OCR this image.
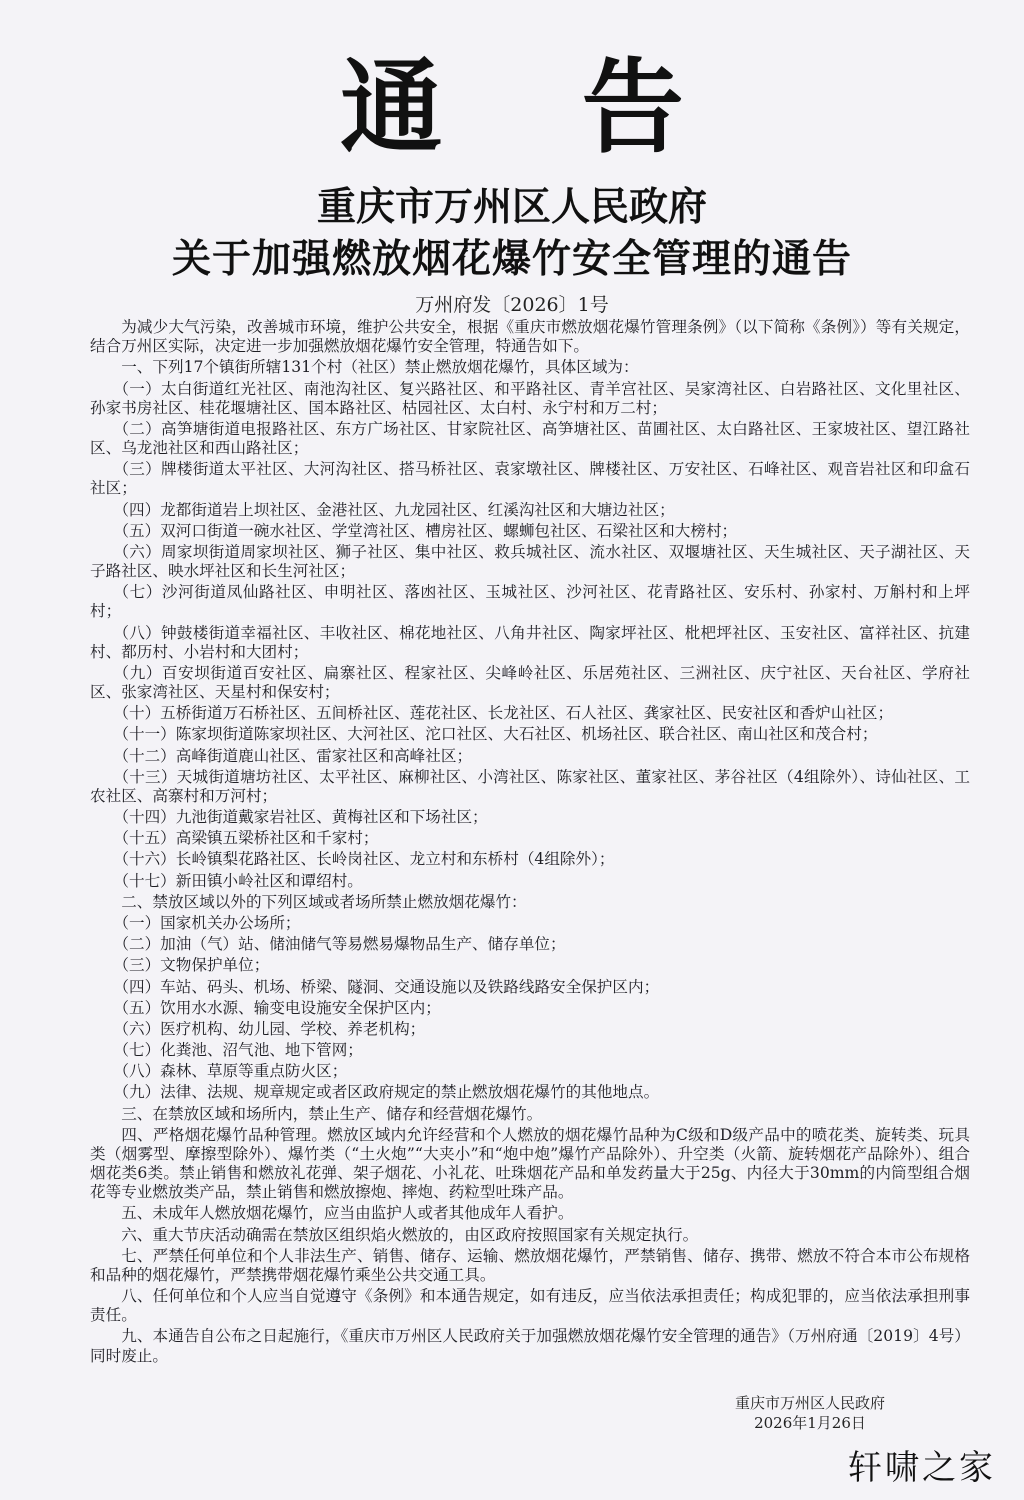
通 告
重庆市万州区人民政府
关于加强燃放烟花爆竹安全管理的通告
万州府发〔2026〕1号

为减少大气污染，改善城市环境，维护公共安全，根据《重庆市燃放烟花爆竹管理条例》（以下简称《条例》）等有关规定，结合万州区实际，决定进一步加强燃放烟花爆竹安全管理，特通告如下。

一、下列17个镇街所辖131个村（社区）禁止燃放烟花爆竹，具体区域为：

（一）太白街道红光社区、南池沟社区、复兴路社区、和平路社区、青羊宫社区、吴家湾社区、白岩路社区、文化里社区、孙家书房社区、桂花堰塘社区、国本路社区、枯园社区、太白村、永宁村和万二村；

（二）高笋塘街道电报路社区、东方广场社区、甘家院社区、高笋塘社区、苗圃社区、太白路社区、王家坡社区、望江路社区、乌龙池社区和西山路社区；

（三）牌楼街道太平社区、大河沟社区、搭马桥社区、袁家墩社区、牌楼社区、万安社区、石峰社区、观音岩社区和印盒石社区；

（四）龙都街道岩上坝社区、金港社区、九龙园社区、红溪沟社区和大塘边社区；

（五）双河口街道一碗水社区、学堂湾社区、槽房社区、螺蛳包社区、石梁社区和大榜村；

（六）周家坝街道周家坝社区、狮子社区、集中社区、救兵城社区、流水社区、双堰塘社区、天生城社区、天子湖社区、天子路社区、映水坪社区和长生河社区；

（七）沙河街道凤仙路社区、申明社区、落凼社区、玉城社区、沙河社区、花青路社区、安乐村、孙家村、万斛村和上坪村；

（八）钟鼓楼街道幸福社区、丰收社区、棉花地社区、八角井社区、陶家坪社区、枇杷坪社区、玉安社区、富祥社区、抗建村、都历村、小岩村和大团村；

（九）百安坝街道百安社区、扁寨社区、程家社区、尖峰岭社区、乐居苑社区、三洲社区、庆宁社区、天台社区、学府社区、张家湾社区、天星村和保安村；

（十）五桥街道万石桥社区、五间桥社区、莲花社区、长龙社区、石人社区、龚家社区、民安社区和香炉山社区；

（十一）陈家坝街道陈家坝社区、大河社区、沱口社区、大石社区、机场社区、联合社区、南山社区和茂合村；

（十二）高峰街道鹿山社区、雷家社区和高峰社区；

（十三）天城街道塘坊社区、太平社区、麻柳社区、小湾社区、陈家社区、董家社区、茅谷社区（4组除外）、诗仙社区、工农社区、高寨村和万河村；

（十四）九池街道戴家岩社区、黄梅社区和下场社区；

（十五）高梁镇五梁桥社区和千家村；

（十六）长岭镇梨花路社区、长岭岗社区、龙立村和东桥村（4组除外）；

（十七）新田镇小岭社区和谭绍村。

二、禁放区域以外的下列区域或者场所禁止燃放烟花爆竹：

（一）国家机关办公场所；

（二）加油（气）站、储油储气等易燃易爆物品生产、储存单位；

（三）文物保护单位；

（四）车站、码头、机场、桥梁、隧洞、交通设施以及铁路线路安全保护区内；

（五）饮用水水源、输变电设施安全保护区内；

（六）医疗机构、幼儿园、学校、养老机构；

（七）化粪池、沼气池、地下管网；

（八）森林、草原等重点防火区；

（九）法律、法规、规章规定或者区政府规定的禁止燃放烟花爆竹的其他地点。

三、在禁放区域和场所内，禁止生产、储存和经营烟花爆竹。

四、严格烟花爆竹品种管理。燃放区域内允许经营和个人燃放的烟花爆竹品种为C级和D级产品中的喷花类、旋转类、玩具类（烟雾型、摩擦型除外）、爆竹类（“土火炮”“大夹小”和“炮中炮”爆竹产品除外）、升空类（火箭、旋转烟花产品除外）、组合烟花类6类。禁止销售和燃放礼花弹、架子烟花、小礼花、吐珠烟花产品和单发药量大于25g、内径大于30mm的内筒型组合烟花等专业燃放类产品，禁止销售和燃放擦炮、摔炮、药粒型吐珠产品。

五、未成年人燃放烟花爆竹，应当由监护人或者其他成年人看护。

六、重大节庆活动确需在禁放区组织焰火燃放的，由区政府按照国家有关规定执行。

七、严禁任何单位和个人非法生产、销售、储存、运输、燃放烟花爆竹，严禁销售、储存、携带、燃放不符合本市公布规格和品种的烟花爆竹，严禁携带烟花爆竹乘坐公共交通工具。

八、任何单位和个人应当自觉遵守《条例》和本通告规定，如有违反，应当依法承担责任；构成犯罪的，应当依法承担刑事责任。

九、本通告自公布之日起施行，《重庆市万州区人民政府关于加强燃放烟花爆竹安全管理的通告》（万州府通〔2019〕4号）同时废止。

重庆市万州区人民政府
2026年1月26日
轩啸之家
